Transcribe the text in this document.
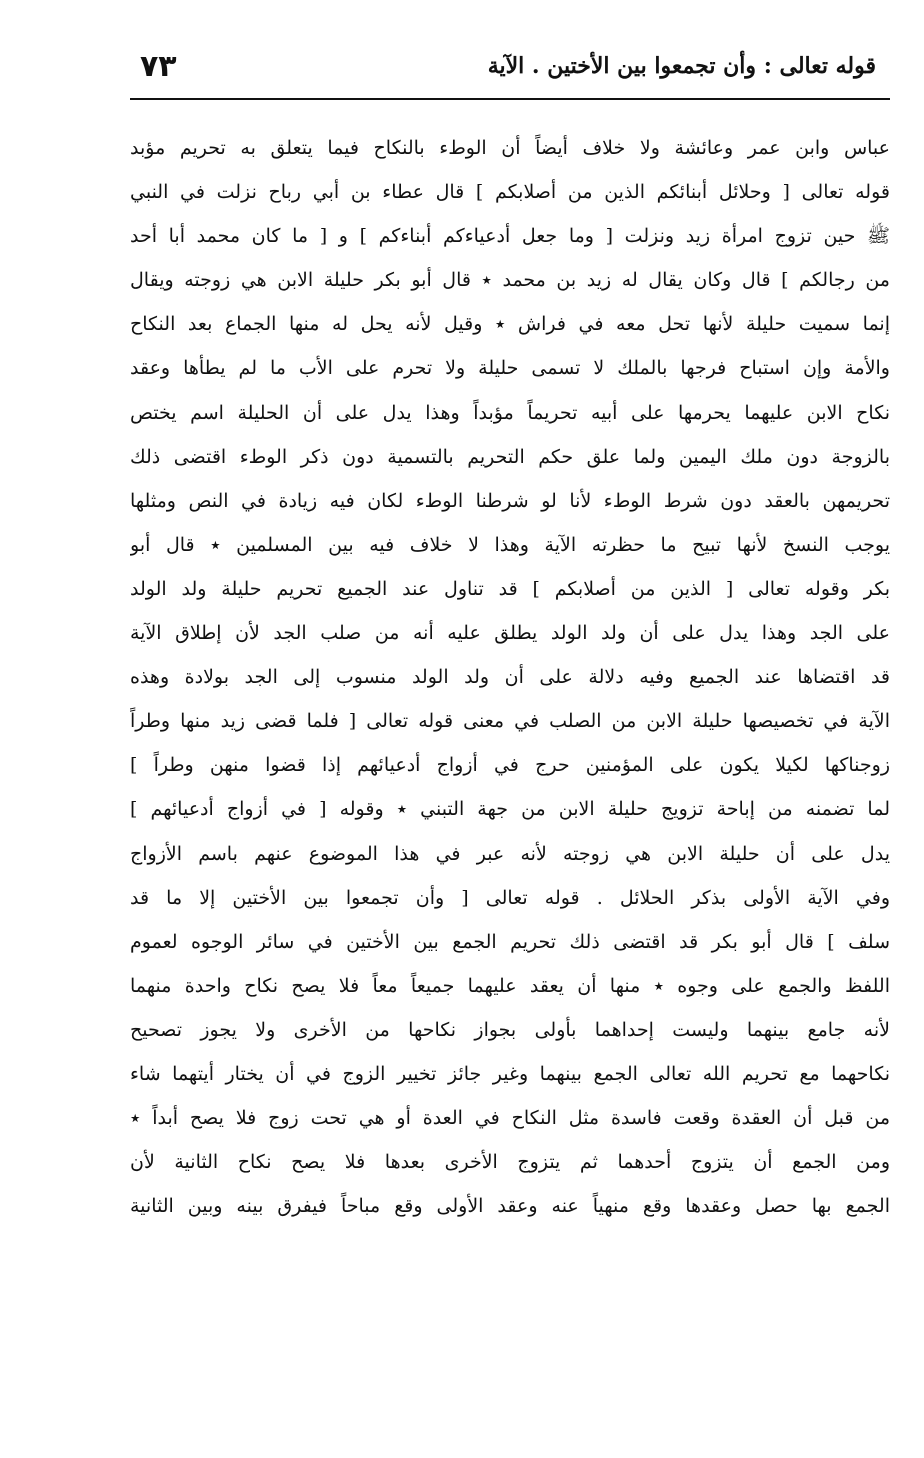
٧٣	قوله تعالى : وأن تجمعوا بين الأختين . الآية
عباس وابن عمر وعائشة ولا خلاف أيضاً أن الوطء بالنكاح فيما يتعلق به تحريم مؤبد
قوله تعالى [ وحلائل أبنائكم الذين من أصلابكم ] قال عطاء بن أبي رباح نزلت في النبي
ﷺ حين تزوج امرأة زيد ونزلت [ وما جعل أدعياءكم أبناءكم ] و [ ما كان محمد أبا أحد
من رجالكم ] قال وكان يقال له زيد بن محمد ٭ قال أبو بكر حليلة الابن هي زوجته ويقال
إنما سميت حليلة لأنها تحل معه في فراش ٭ وقيل لأنه يحل له منها الجماع بعد النكاح
والأمة وإن استباح فرجها بالملك لا تسمى حليلة ولا تحرم على الأب ما لم يطأها وعقد
نكاح الابن عليهما يحرمها على أبيه تحريماً مؤبداً وهذا يدل على أن الحليلة اسم يختص
بالزوجة دون ملك اليمين ولما علق حكم التحريم بالتسمية دون ذكر الوطء اقتضى ذلك
تحريمهن بالعقد دون شرط الوطء لأنا لو شرطنا الوطء لكان فيه زيادة في النص ومثلها
يوجب النسخ لأنها تبيح ما حظرته الآية وهذا لا خلاف فيه بين المسلمين ٭ قال أبو
بكر وقوله تعالى [ الذين من أصلابكم ] قد تناول عند الجميع تحريم حليلة ولد الولد
على الجد وهذا يدل على أن ولد الولد يطلق عليه أنه من صلب الجد لأن إطلاق الآية
قد اقتضاها عند الجميع وفيه دلالة على أن ولد الولد منسوب إلى الجد بولادة وهذه
الآية في تخصيصها حليلة الابن من الصلب في معنى قوله تعالى [ فلما قضى زيد منها وطراً
زوجناكها لكيلا يكون على المؤمنين حرج في أزواج أدعيائهم إذا قضوا منهن وطراً ]
لما تضمنه من إباحة تزويج حليلة الابن من جهة التبني ٭ وقوله [ في أزواج أدعيائهم ]
يدل على أن حليلة الابن هي زوجته لأنه عبر في هذا الموضوع عنهم باسم الأزواج
وفي الآية الأولى بذكر الحلائل . قوله تعالى [ وأن تجمعوا بين الأختين إلا ما قد
سلف ] قال أبو بكر قد اقتضى ذلك تحريم الجمع بين الأختين في سائر الوجوه لعموم
اللفظ والجمع على وجوه ٭ منها أن يعقد عليهما جميعاً معاً فلا يصح نكاح واحدة منهما
لأنه جامع بينهما وليست إحداهما بأولى بجواز نكاحها من الأخرى ولا يجوز تصحيح
نكاحهما مع تحريم الله تعالى الجمع بينهما وغير جائز تخيير الزوج في أن يختار أيتهما شاء
من قبل أن العقدة وقعت فاسدة مثل النكاح في العدة أو هي تحت زوج فلا يصح أبداً ٭
ومن الجمع أن يتزوج أحدهما ثم يتزوج الأخرى بعدها فلا يصح نكاح الثانية لأن
الجمع بها حصل وعقدها وقع منهياً عنه وعقد الأولى وقع مباحاً فيفرق بينه وبين الثانية
